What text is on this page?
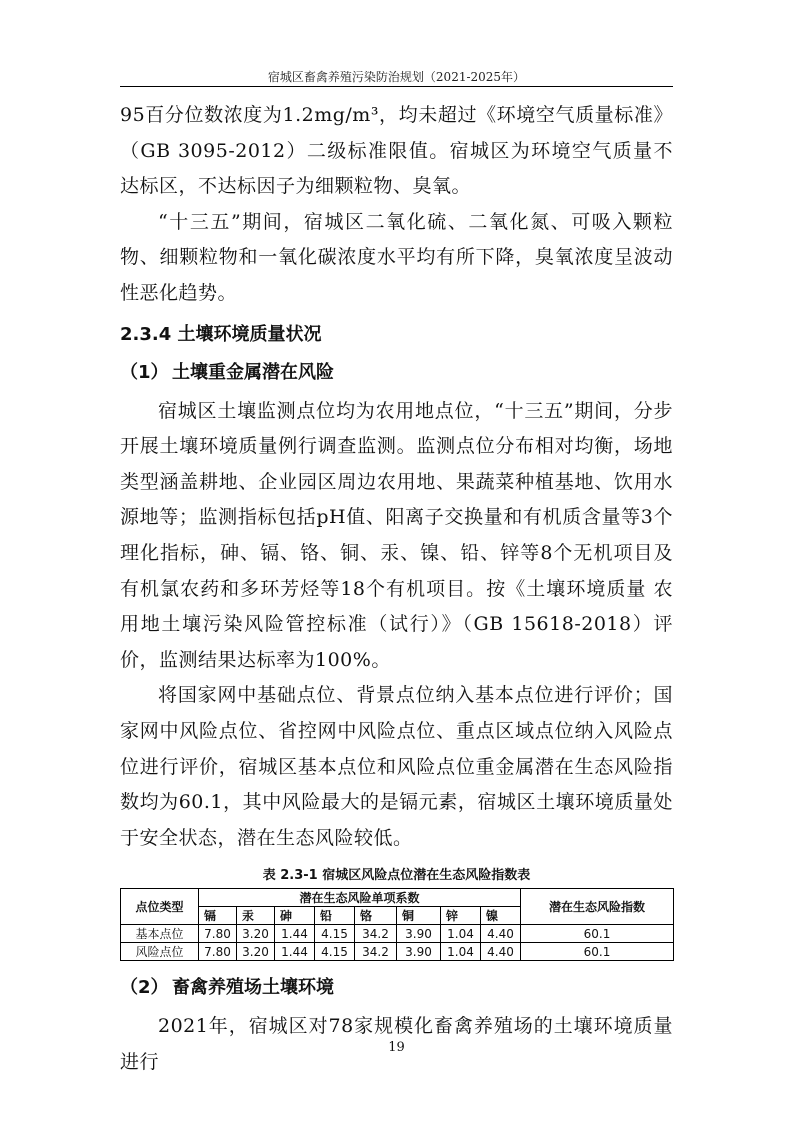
宿城区畜禽养殖污染防治规划（2021-2025年）

95百分位数浓度为1.2mg/m³，均未超过《环境空气质量标准》（GB 3095-2012）二级标准限值。宿城区为环境空气质量不达标区，不达标因子为细颗粒物、臭氧。

“十三五”期间，宿城区二氧化硫、二氧化氮、可吸入颗粒物、细颗粒物和一氧化碳浓度水平均有所下降，臭氧浓度呈波动性恶化趋势。

2.3.4 土壤环境质量状况
（1） 土壤重金属潜在风险

宿城区土壤监测点位均为农用地点位，“十三五”期间，分步开展土壤环境质量例行调查监测。监测点位分布相对均衡，场地类型涵盖耕地、企业园区周边农用地、果蔬菜种植基地、饮用水源地等；监测指标包括pH值、阳离子交换量和有机质含量等3个理化指标，砷、镉、铬、铜、汞、镍、铅、锌等8个无机项目及有机氯农药和多环芳烃等18个有机项目。按《土壤环境质量 农用地土壤污染风险管控标准（试行）》（GB 15618-2018）评价，监测结果达标率为100%。

将国家网中基础点位、背景点位纳入基本点位进行评价；国家网中风险点位、省控网中风险点位、重点区域点位纳入风险点位进行评价，宿城区基本点位和风险点位重金属潜在生态风险指数均为60.1，其中风险最大的是镉元素，宿城区土壤环境质量处于安全状态，潜在生态风险较低。

表 2.3-1 宿城区风险点位潜在生态风险指数表
点位类型	潜在生态风险单项系数								潜在生态风险指数
	镉	汞	砷	铅	铬	铜	锌	镍	
基本点位	7.80	3.20	1.44	4.15	34.2	3.90	1.04	4.40	60.1
风险点位	7.80	3.20	1.44	4.15	34.2	3.90	1.04	4.40	60.1
（2） 畜禽养殖场土壤环境

2021年，宿城区对78家规模化畜禽养殖场的土壤环境质量进行

19
